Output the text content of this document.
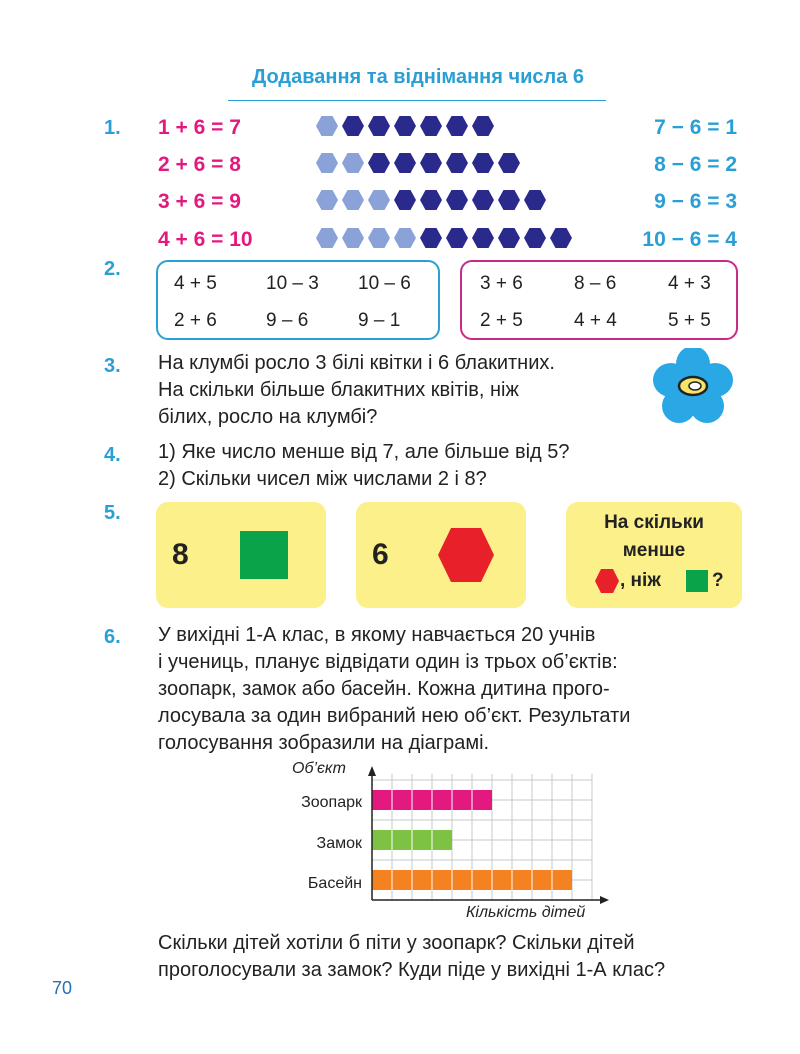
Додавання та віднімання числа 6
1. 1 + 6 = 7
2 + 6 = 8
3 + 6 = 9
4 + 6 = 10
7 − 6 = 1
8 − 6 = 2
9 − 6 = 3
10 − 6 = 4
2.
4 + 5	10 – 3 10 – 6
2 + 6	9 – 6	9 – 1
3 + 6	8 – 6	4 + 3
2 + 5	4 + 4	5 + 5
3. На клумбі росло 3 білі квітки і 6 блакитних.
На скільки більше блакитних квітів, ніж
білих, росло на клумбі?
4. 1) Яке число менше від 7, але більше від 5?
2) Скільки чисел між числами 2 і 8?
5.
8	6
На скільки
менше
, ніж	?
6. У вихідні 1-А клас, в якому навчається 20 учнів
і учениць, планує відвідати один із трьох об’єктів:
зоопарк, замок або басейн. Кожна дитина прого-
лосувала за один вибраний нею об’єкт. Результати
голосування зобразили на діаграмі.
Об’єкт
Кількість дітей
Зоопарк
Замок
Басейн
Скільки дітей хотіли б піти у зоопарк? Скільки дітей
проголосували за замок? Куди піде у вихідні 1-А клас?
70
